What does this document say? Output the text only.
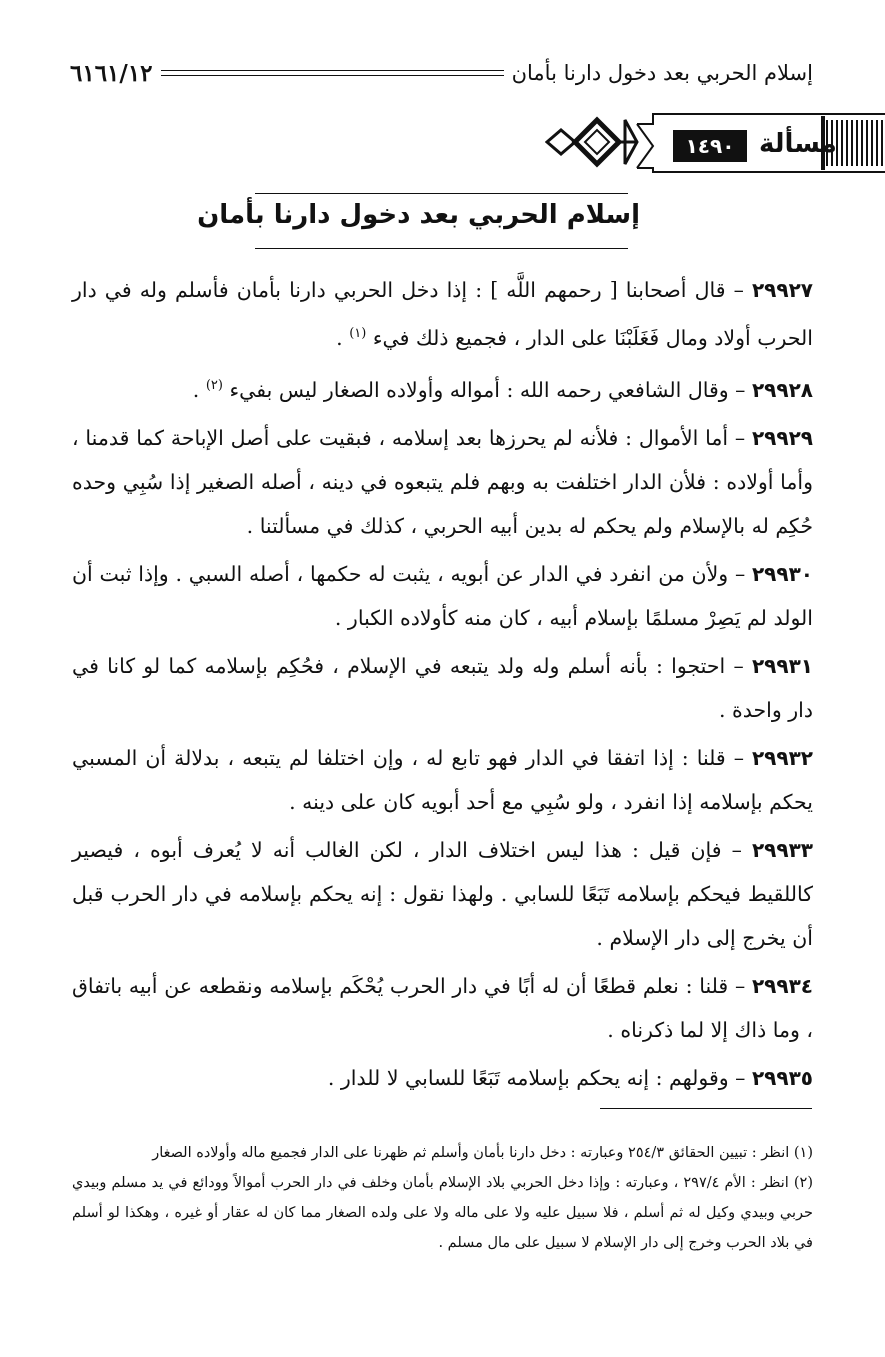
إسلام الحربي بعد دخول دارنا بأمان
٦١٦١/١٢
مسألة
١٤٩٠
إسلام الحربي بعد دخول دارنا بأمان

٢٩٩٢٧ – قال أصحابنا [ رحمهم اللَّه ] : إذا دخل الحربي دارنا بأمان فأسلم وله في دار الحرب أولاد ومال فَغَلَبْنَا على الدار ، فجميع ذلك فيء $^{(١)}$ .

٢٩٩٢٨ – وقال الشافعي رحمه الله : أمواله وأولاده الصغار ليس بفيء $^{(٢)}$ .

٢٩٩٢٩ – أما الأموال : فلأنه لم يحرزها بعد إسلامه ، فبقيت على أصل الإباحة كما قدمنا ، وأما أولاده : فلأن الدار اختلفت به وبهم فلم يتبعوه في دينه ، أصله الصغير إذا سُبِي وحده حُكِم له بالإسلام ولم يحكم له بدين أبيه الحربي ، كذلك في مسألتنا .

٢٩٩٣٠ – ولأن من انفرد في الدار عن أبويه ، يثبت له حكمها ، أصله السبي . وإذا ثبت أن الولد لم يَصِرْ مسلمًا بإسلام أبيه ، كان منه كأولاده الكبار .

٢٩٩٣١ – احتجوا : بأنه أسلم وله ولد يتبعه في الإسلام ، فحُكِم بإسلامه كما لو كانا في دار واحدة .

٢٩٩٣٢ – قلنا : إذا اتفقا في الدار فهو تابع له ، وإن اختلفا لم يتبعه ، بدلالة أن المسبي يحكم بإسلامه إذا انفرد ، ولو سُبِي مع أحد أبويه كان على دينه .

٢٩٩٣٣ – فإن قيل : هذا ليس اختلاف الدار ، لكن الغالب أنه لا يُعرف أبوه ، فيصير كاللقيط فيحكم بإسلامه تَبَعًا للسابي . ولهذا نقول : إنه يحكم بإسلامه في دار الحرب قبل أن يخرج إلى دار الإسلام .

٢٩٩٣٤ – قلنا : نعلم قطعًا أن له أبًا في دار الحرب يُحْكَم بإسلامه ونقطعه عن أبيه باتفاق ، وما ذاك إلا لما ذكرناه .

٢٩٩٣٥ – وقولهم : إنه يحكم بإسلامه تَبَعًا للسابي لا للدار .

(١) انظر : تبيين الحقائق ٢٥٤/٣ وعبارته : دخل دارنا بأمان وأسلم ثم ظهرنا على الدار فجميع ماله وأولاده الصغار

(٢) انظر : الأم ٢٩٧/٤ ، وعبارته : وإذا دخل الحربي بلاد الإسلام بأمان وخلف في دار الحرب أموالاً وودائع في يد مسلم وبيدي حربي وبيدي وكيل له ثم أسلم ، فلا سبيل عليه ولا على ماله ولا على ولده الصغار مما كان له عقار أو غيره ، وهكذا لو أسلم في بلاد الحرب وخرج إلى دار الإسلام لا سبيل على مال مسلم .
